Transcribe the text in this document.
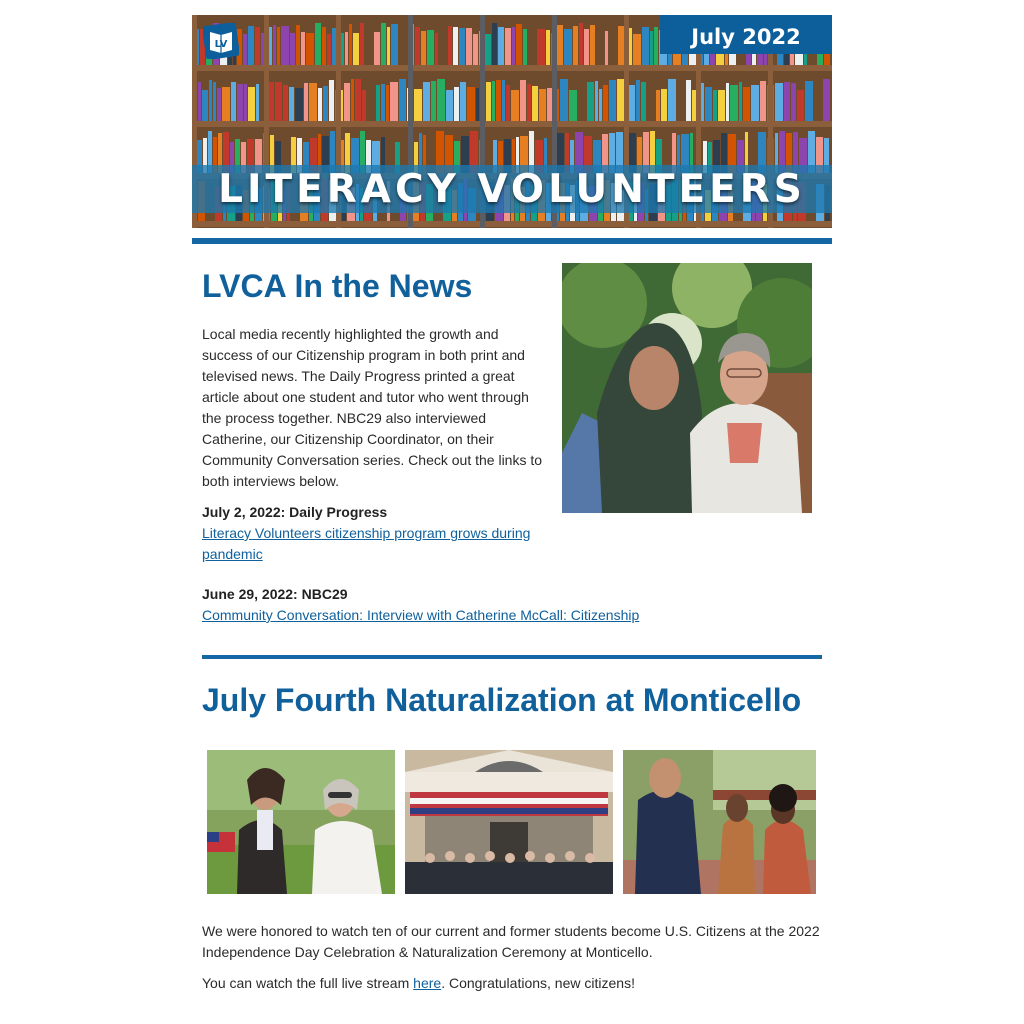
LITERACY VOLUNTEERS
July 2022
LV
LVCA In the News

Local media recently highlighted the growth and success of our Citizenship program in both print and televised news. The Daily Progress printed a great article about one student and tutor who went through the process together. NBC29 also interviewed Catherine, our Citizenship Coordinator, on their Community Conversation series. Check out the links to both interviews below.

July 2, 2022: Daily Progress

Literacy Volunteers citizenship program grows during pandemic

June 29, 2022: NBC29

Community Conversation: Interview with Catherine McCall: Citizenship
July Fourth Naturalization at Monticello

We were honored to watch ten of our current and former students become U.S. Citizens at the 2022 Independence Day Celebration & Naturalization Ceremony at Monticello.

You can watch the full live stream here. Congratulations, new citizens!
